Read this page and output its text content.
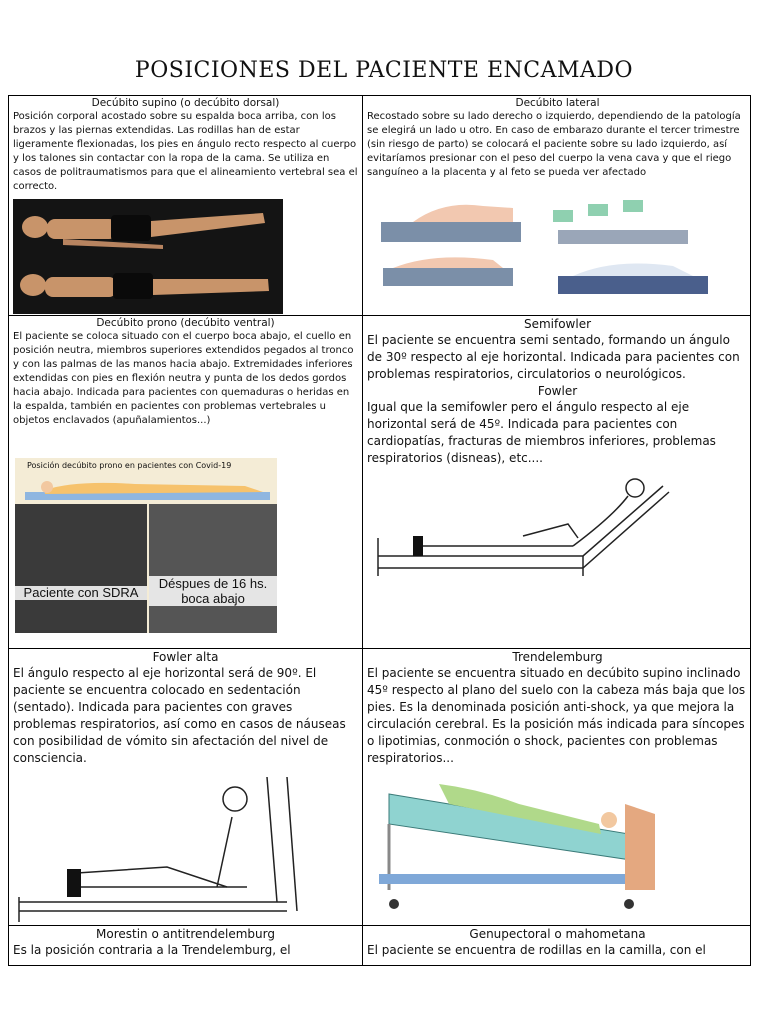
POSICIONES DEL PACIENTE ENCAMADO
Decúbito supino (o decúbito dorsal)
Posición corporal acostado sobre su espalda boca arriba, con los brazos y las piernas extendidas. Las rodillas han de estar ligeramente flexionadas, los pies en ángulo recto respecto al cuerpo y los talones sin contactar con la ropa de la cama. Se utiliza en casos de politraumatismos para que el alineamiento vertebral sea el correcto.
Decúbito lateral
Recostado sobre su lado derecho o izquierdo, dependiendo de la patología se elegirá un lado u otro. En caso de embarazo durante el tercer trimestre (sin riesgo de parto) se colocará el paciente sobre su lado izquierdo, así evitaríamos presionar con el peso del cuerpo la vena cava y que el riego sanguíneo a la placenta y al feto se pueda ver afectado
Decúbito prono (decúbito ventral)
El paciente se coloca situado con el cuerpo boca abajo, el cuello en posición neutra, miembros superiores extendidos pegados al tronco y con las palmas de las manos hacia abajo. Extremidades inferiores extendidas con pies en flexión neutra y punta de los dedos gordos hacia abajo. Indicada para pacientes con quemaduras o heridas en la espalda, también en pacientes con problemas vertebrales u objetos enclavados (apuñalamientos...)
Posición decúbito prono en pacientes con Covid-19
Paciente con SDRA
Déspues de 16 hs. boca abajo
Semifowler
El paciente se encuentra semi sentado, formando un ángulo de 30º respecto al eje horizontal. Indicada para pacientes con problemas respiratorios, circulatorios o neurológicos.
Fowler
Igual que la semifowler pero el ángulo respecto al eje horizontal será de 45º. Indicada para pacientes con cardiopatías, fracturas de miembros inferiores, problemas respiratorios (disneas), etc....
Fowler alta
El ángulo respecto al eje horizontal será de 90º. El paciente se encuentra colocado en sedentación (sentado). Indicada para pacientes con graves problemas respiratorios, así como en casos de náuseas con posibilidad de vómito sin afectación del nivel de consciencia.
Trendelemburg
El paciente se encuentra situado en decúbito supino inclinado 45º respecto al plano del suelo con la cabeza más baja que los pies. Es la denominada posición anti-shock, ya que mejora la circulación cerebral. Es la posición más indicada para síncopes o lipotimias, conmoción o shock, pacientes con problemas respiratorios...
Morestin o antitrendelemburg
Es la posición contraria a la Trendelemburg, el
Genupectoral o mahometana
El paciente se encuentra de rodillas en la camilla, con el
